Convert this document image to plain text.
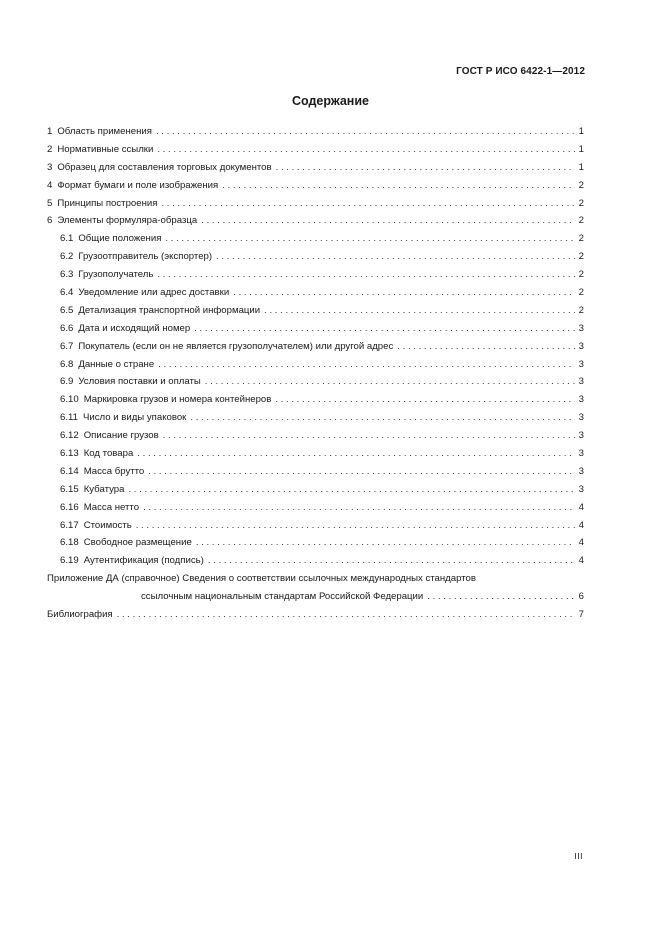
ГОСТ Р ИСО 6422-1—2012
Содержание
1 Область применения . . .	1
2 Нормативные ссылки . . .	1
3 Образец для составления торговых документов . . .	1
4 Формат бумаги и поле изображения . . .	2
5 Принципы построения . . .	2
6 Элементы формуляра-образца . . .	2
6.1 Общие положения . . .	2
6.2 Грузоотправитель (экспортер) . . .	2
6.3 Грузополучатель . . .	2
6.4 Уведомление или адрес доставки . . .	2
6.5 Детализация транспортной информации . . .	2
6.6 Дата и исходящий номер . . .	3
6.7 Покупатель (если он не является грузополучателем) или другой адрес . . .	3
6.8 Данные о стране . . .	3
6.9 Условия поставки и оплаты . . .	3
6.10 Маркировка грузов и номера контейнеров . . .	3
6.11 Число и виды упаковок . . .	3
6.12 Описание грузов . . .	3
6.13 Код товара . . .	3
6.14 Масса брутто . . .	3
6.15 Кубатура . . .	3
6.16 Масса нетто . . .	4
6.17 Стоимость . . .	4
6.18 Свободное размещение . . .	4
6.19 Аутентификация (подпись) . . .	4
Приложение ДА (справочное) Сведения о соответствии ссылочных международных стандартов
ссылочным национальным стандартам Российской Федерации . . .	6
Библиография . . .	7
III
